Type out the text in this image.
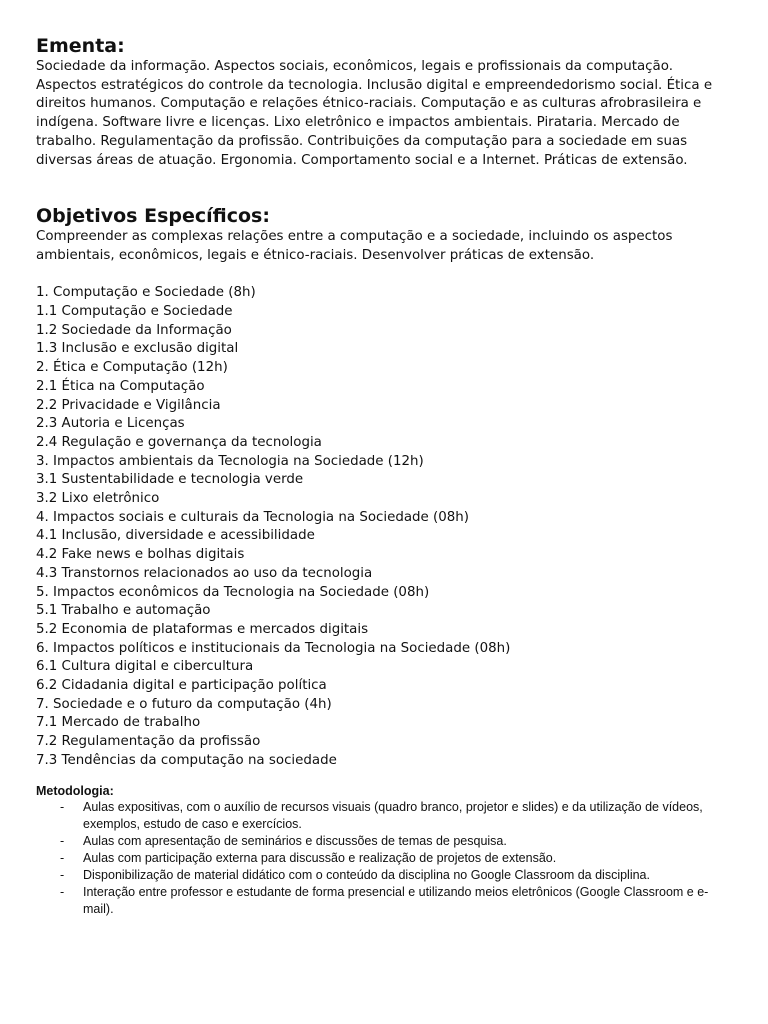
Ementa:

Sociedade da informação. Aspectos sociais, econômicos, legais e profissionais da computação. Aspectos estratégicos do controle da tecnologia. Inclusão digital e empreendedorismo social. Ética e direitos humanos. Computação e relações étnico-raciais. Computação e as culturas afrobrasileira e indígena. Software livre e licenças. Lixo eletrônico e impactos ambientais. Pirataria. Mercado de trabalho. Regulamentação da profissão. Contribuições da computação para a sociedade em suas diversas áreas de atuação. Ergonomia. Comportamento social e a Internet. Práticas de extensão.

Objetivos Específicos:

Compreender as complexas relações entre a computação e a sociedade, incluindo os aspectos ambientais, econômicos, legais e étnico-raciais. Desenvolver práticas de extensão.

1. Computação e Sociedade (8h)
1.1 Computação e Sociedade
1.2 Sociedade da Informação
1.3 Inclusão e exclusão digital
2. Ética e Computação (12h)
2.1 Ética na Computação
2.2 Privacidade e Vigilância
2.3 Autoria e Licenças
2.4 Regulação e governança da tecnologia
3. Impactos ambientais da Tecnologia na Sociedade (12h)
3.1 Sustentabilidade e tecnologia verde
3.2 Lixo eletrônico
4. Impactos sociais e culturais da Tecnologia na Sociedade (08h)
4.1 Inclusão, diversidade e acessibilidade
4.2 Fake news e bolhas digitais
4.3 Transtornos relacionados ao uso da tecnologia
5. Impactos econômicos da Tecnologia na Sociedade (08h)
5.1 Trabalho e automação
5.2 Economia de plataformas e mercados digitais
6. Impactos políticos e institucionais da Tecnologia na Sociedade (08h)
6.1 Cultura digital e cibercultura
6.2 Cidadania digital e participação política
7. Sociedade e o futuro da computação (4h)
7.1 Mercado de trabalho
7.2 Regulamentação da profissão
7.3 Tendências da computação na sociedade

Metodologia:

- Aulas expositivas, com o auxílio de recursos visuais (quadro branco, projetor e slides) e da utilização de vídeos, exemplos, estudo de caso e exercícios.
- Aulas com apresentação de seminários e discussões de temas de pesquisa.
- Aulas com participação externa para discussão e realização de projetos de extensão.
- Disponibilização de material didático com o conteúdo da disciplina no Google Classroom da disciplina.
- Interação entre professor e estudante de forma presencial e utilizando meios eletrônicos (Google Classroom e e-mail).
